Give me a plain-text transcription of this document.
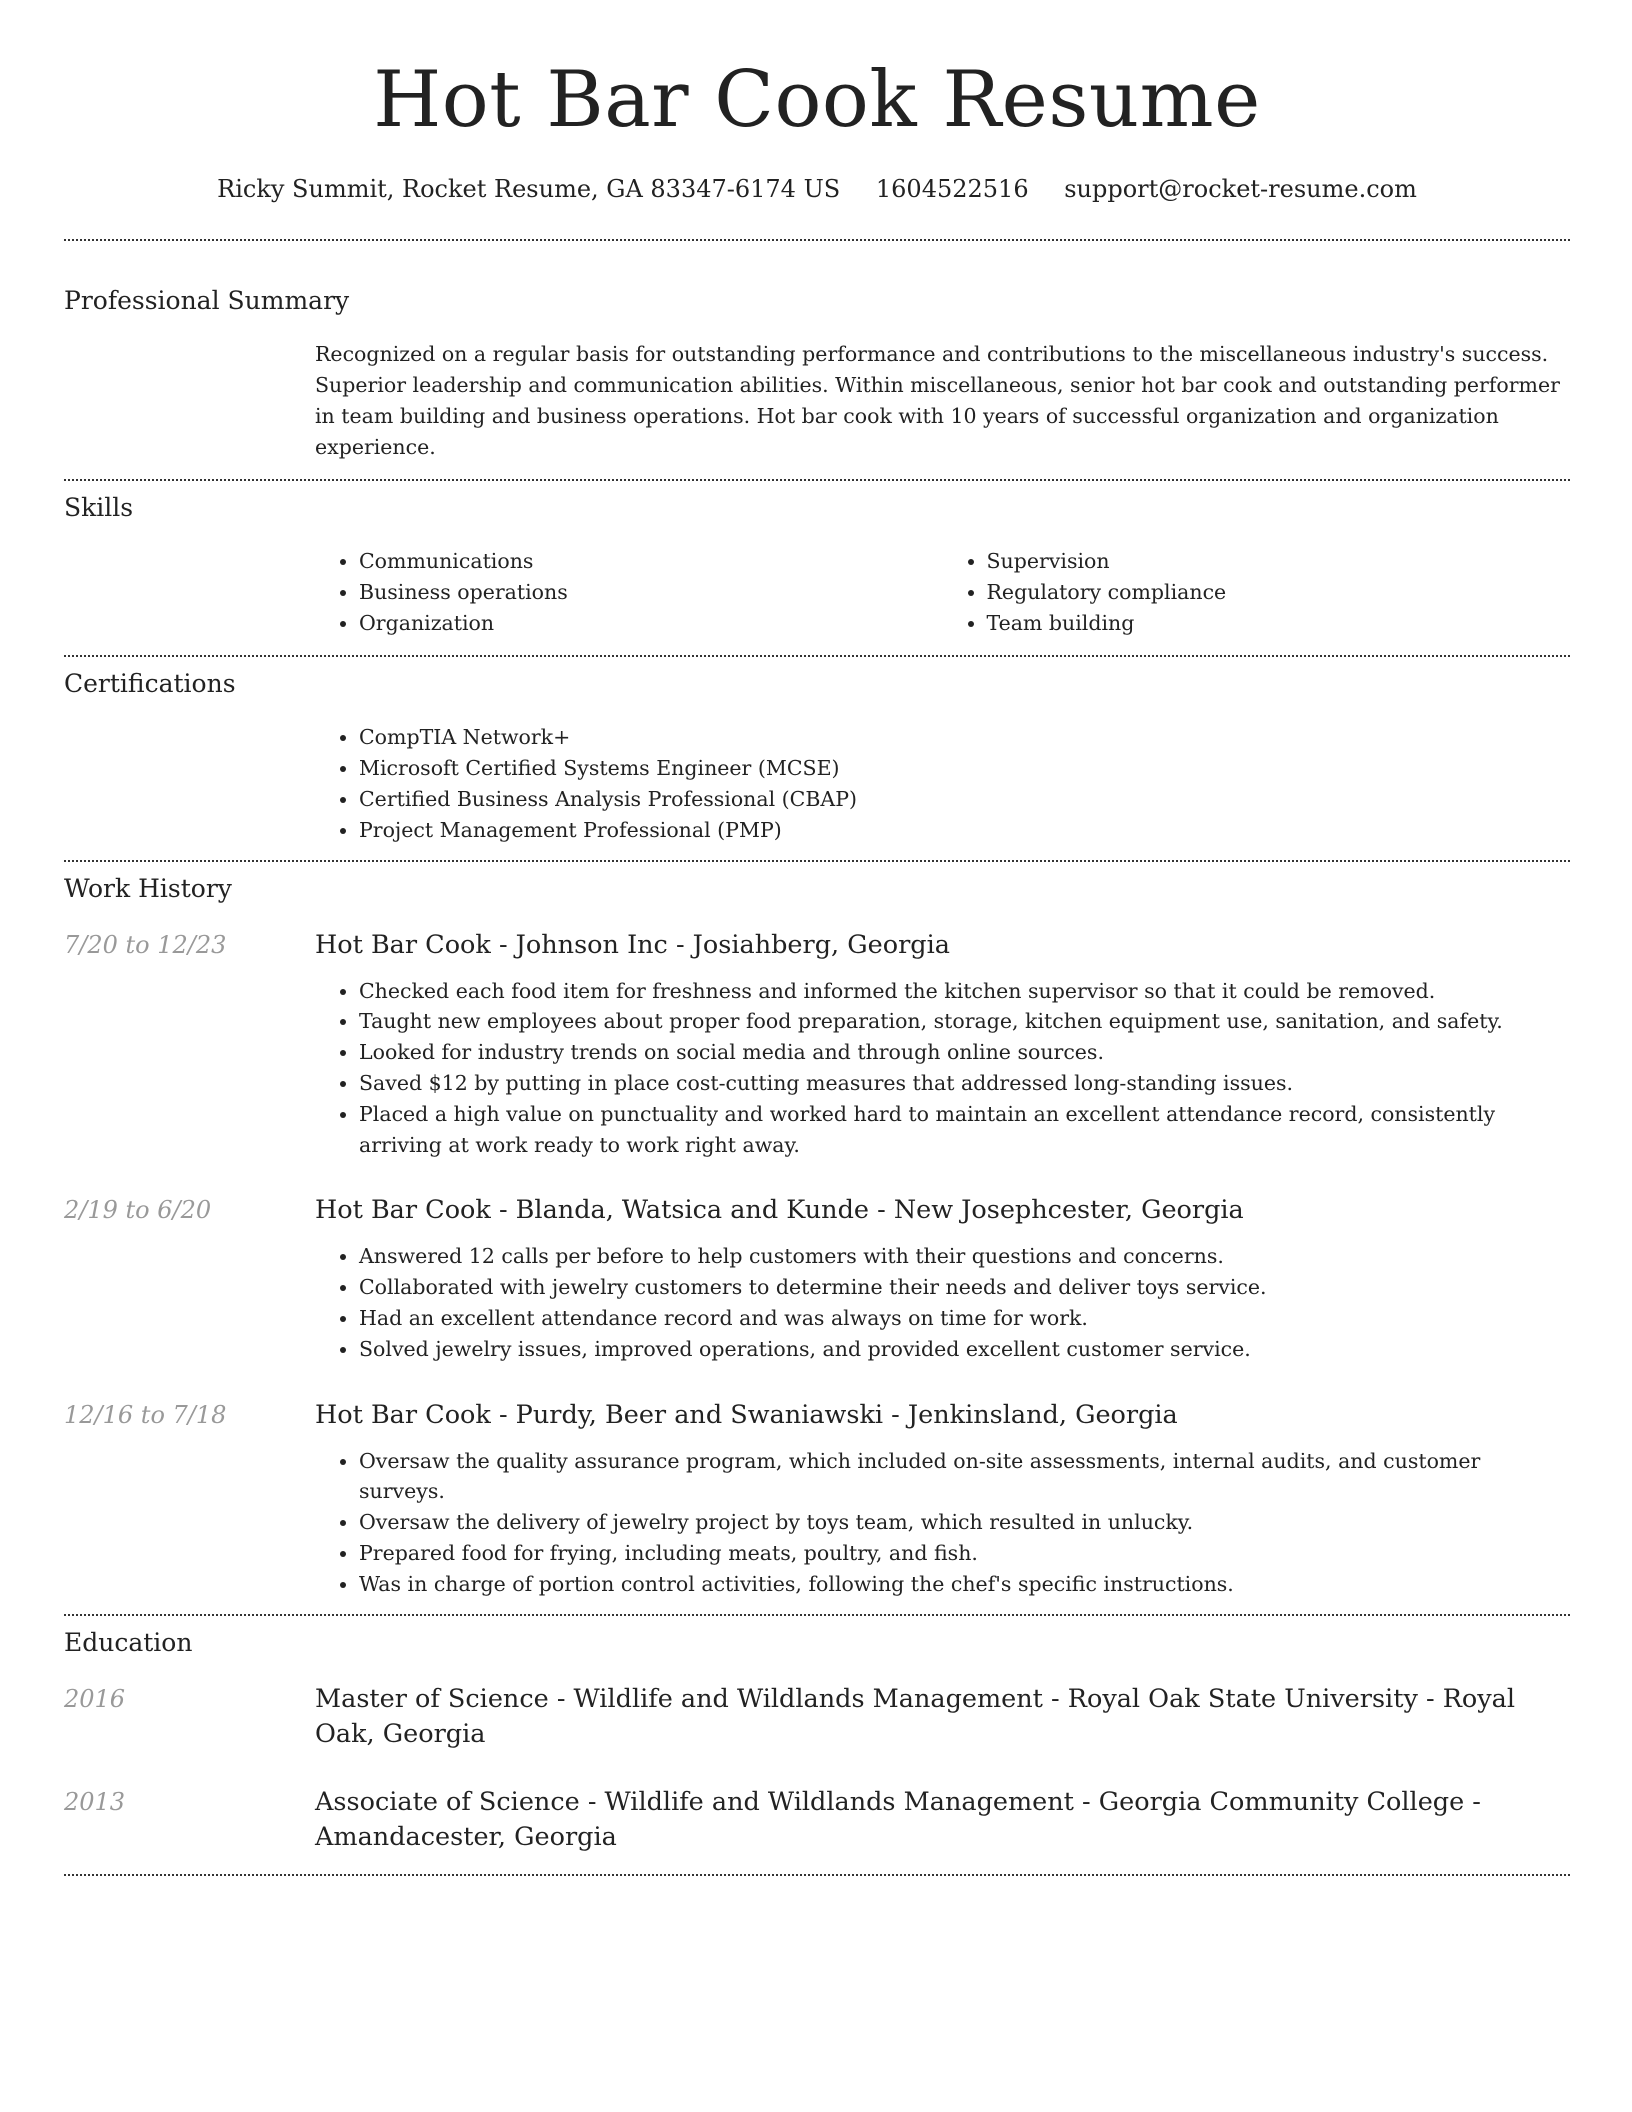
Hot Bar Cook Resume
Ricky Summit, Rocket Resume, GA 83347-6174 US 1604522516 support@rocket-resume.com
Professional Summary

Recognized on a regular basis for outstanding performance and contributions to the miscellaneous industry's success. Superior leadership and communication abilities. Within miscellaneous, senior hot bar cook and outstanding performer in team building and business operations. Hot bar cook with 10 years of successful organization and organization experience.

Skills
• Communications
• Business operations
• Organization
• Supervision
• Regulatory compliance
• Team building
Certifications
• CompTIA Network+
• Microsoft Certified Systems Engineer (MCSE)
• Certified Business Analysis Professional (CBAP)
• Project Management Professional (PMP)
Work History
7/20 to 12/23	Hot Bar Cook - Johnson Inc - Josiahberg, Georgia
• Checked each food item for freshness and informed the kitchen supervisor so that it could be removed.
• Taught new employees about proper food preparation, storage, kitchen equipment use, sanitation, and safety.
• Looked for industry trends on social media and through online sources.
• Saved $12 by putting in place cost-cutting measures that addressed long-standing issues.
• Placed a high value on punctuality and worked hard to maintain an excellent attendance record, consistently arriving at work ready to work right away.
2/19 to 6/20	Hot Bar Cook - Blanda, Watsica and Kunde - New Josephcester, Georgia
• Answered 12 calls per before to help customers with their questions and concerns.
• Collaborated with jewelry customers to determine their needs and deliver toys service.
• Had an excellent attendance record and was always on time for work.
• Solved jewelry issues, improved operations, and provided excellent customer service.
12/16 to 7/18	Hot Bar Cook - Purdy, Beer and Swaniawski - Jenkinsland, Georgia
• Oversaw the quality assurance program, which included on-site assessments, internal audits, and customer surveys.
• Oversaw the delivery of jewelry project by toys team, which resulted in unlucky.
• Prepared food for frying, including meats, poultry, and fish.
• Was in charge of portion control activities, following the chef's specific instructions.
Education
2016	Master of Science - Wildlife and Wildlands Management - Royal Oak State University - Royal Oak, Georgia
2013	Associate of Science - Wildlife and Wildlands Management - Georgia Community College - Amandacester, Georgia
